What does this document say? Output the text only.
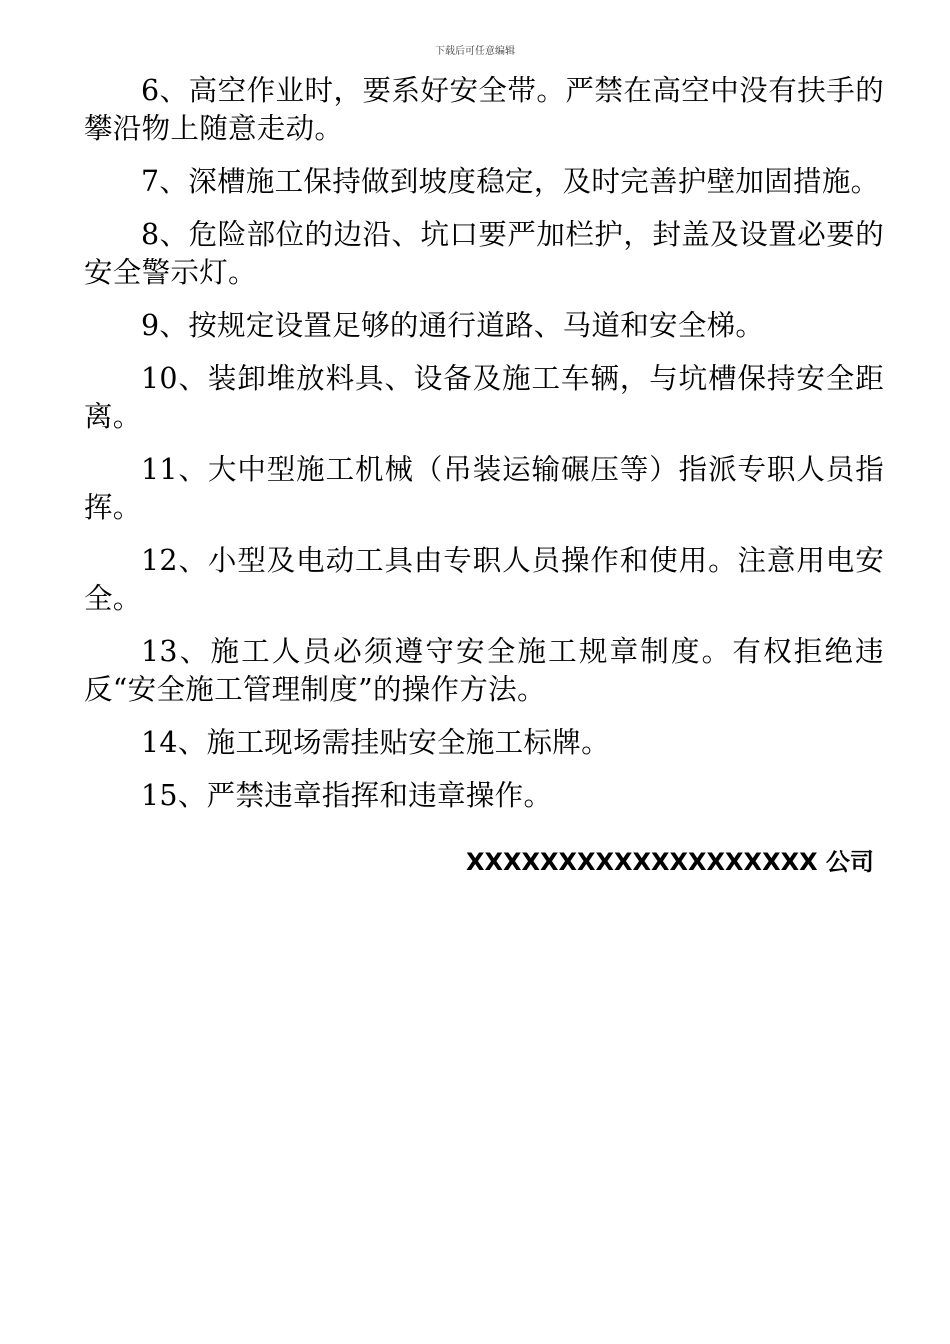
下载后可任意编辑

6、高空作业时，要系好安全带。严禁在高空中没有扶手的攀沿物上随意走动。

7、深槽施工保持做到坡度稳定，及时完善护壁加固措施。

8、危险部位的边沿、坑口要严加栏护，封盖及设置必要的安全警示灯。

9、按规定设置足够的通行道路、马道和安全梯。

10、装卸堆放料具、设备及施工车辆，与坑槽保持安全距离。

11、大中型施工机械（吊装运输碾压等）指派专职人员指挥。

12、小型及电动工具由专职人员操作和使用。注意用电安全。

13、施工人员必须遵守安全施工规章制度。有权拒绝违反“安全施工管理制度”的操作方法。

14、施工现场需挂贴安全施工标牌。

15、严禁违章指挥和违章操作。

XXXXXXXXXXXXXXXXXXX 公司
